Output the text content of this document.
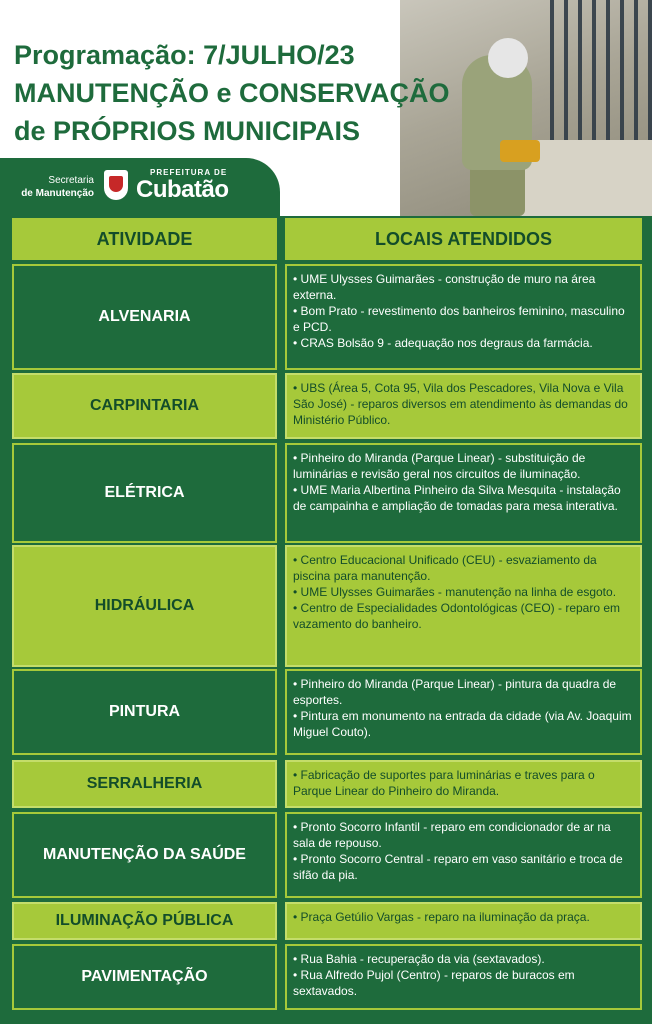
Programação: 7/JULHO/23
MANUTENÇÃO e CONSERVAÇÃO
de PRÓPRIOS MUNICIPAIS
Secretaria
de Manutenção
PREFEITURA DE
Cubatão
ATIVIDADE	LOCAIS ATENDIDOS
ALVENARIA

• UME Ulysses Guimarães - construção de muro na área externa.

• Bom Prato - revestimento dos banheiros feminino, masculino e PCD.

• CRAS Bolsão 9 - adequação nos degraus da farmácia.

CARPINTARIA

• UBS (Área 5, Cota 95, Vila dos Pescadores, Vila Nova e Vila São José) - reparos diversos em atendimento às demandas do Ministério Público.

ELÉTRICA

• Pinheiro do Miranda (Parque Linear) - substituição de luminárias e revisão geral nos circuitos de iluminação.

• UME Maria Albertina Pinheiro da Silva Mesquita - instalação de campainha e ampliação de tomadas para mesa interativa.

HIDRÁULICA

• Centro Educacional Unificado (CEU) - esvaziamento da piscina para manutenção.

• UME Ulysses Guimarães - manutenção na linha de esgoto.

• Centro de Especialidades Odontológicas (CEO) - reparo em vazamento do banheiro.

PINTURA

• Pinheiro do Miranda (Parque Linear) - pintura da quadra de esportes.

• Pintura em monumento na entrada da cidade (via Av. Joaquim Miguel Couto).

SERRALHERIA	• Fabricação de suportes para luminárias e traves para o Parque Linear do Pinheiro do Miranda.

MANUTENÇÃO DA SAÚDE

• Pronto Socorro Infantil - reparo em condicionador de ar na sala de repouso.

• Pronto Socorro Central - reparo em vaso sanitário e troca de sifão da pia.

ILUMINAÇÃO PÚBLICA	• Praça Getúlio Vargas - reparo na iluminação da praça.

PAVIMENTAÇÃO

• Rua Bahia - recuperação da via (sextavados).

• Rua Alfredo Pujol (Centro) - reparos de buracos em sextavados.
